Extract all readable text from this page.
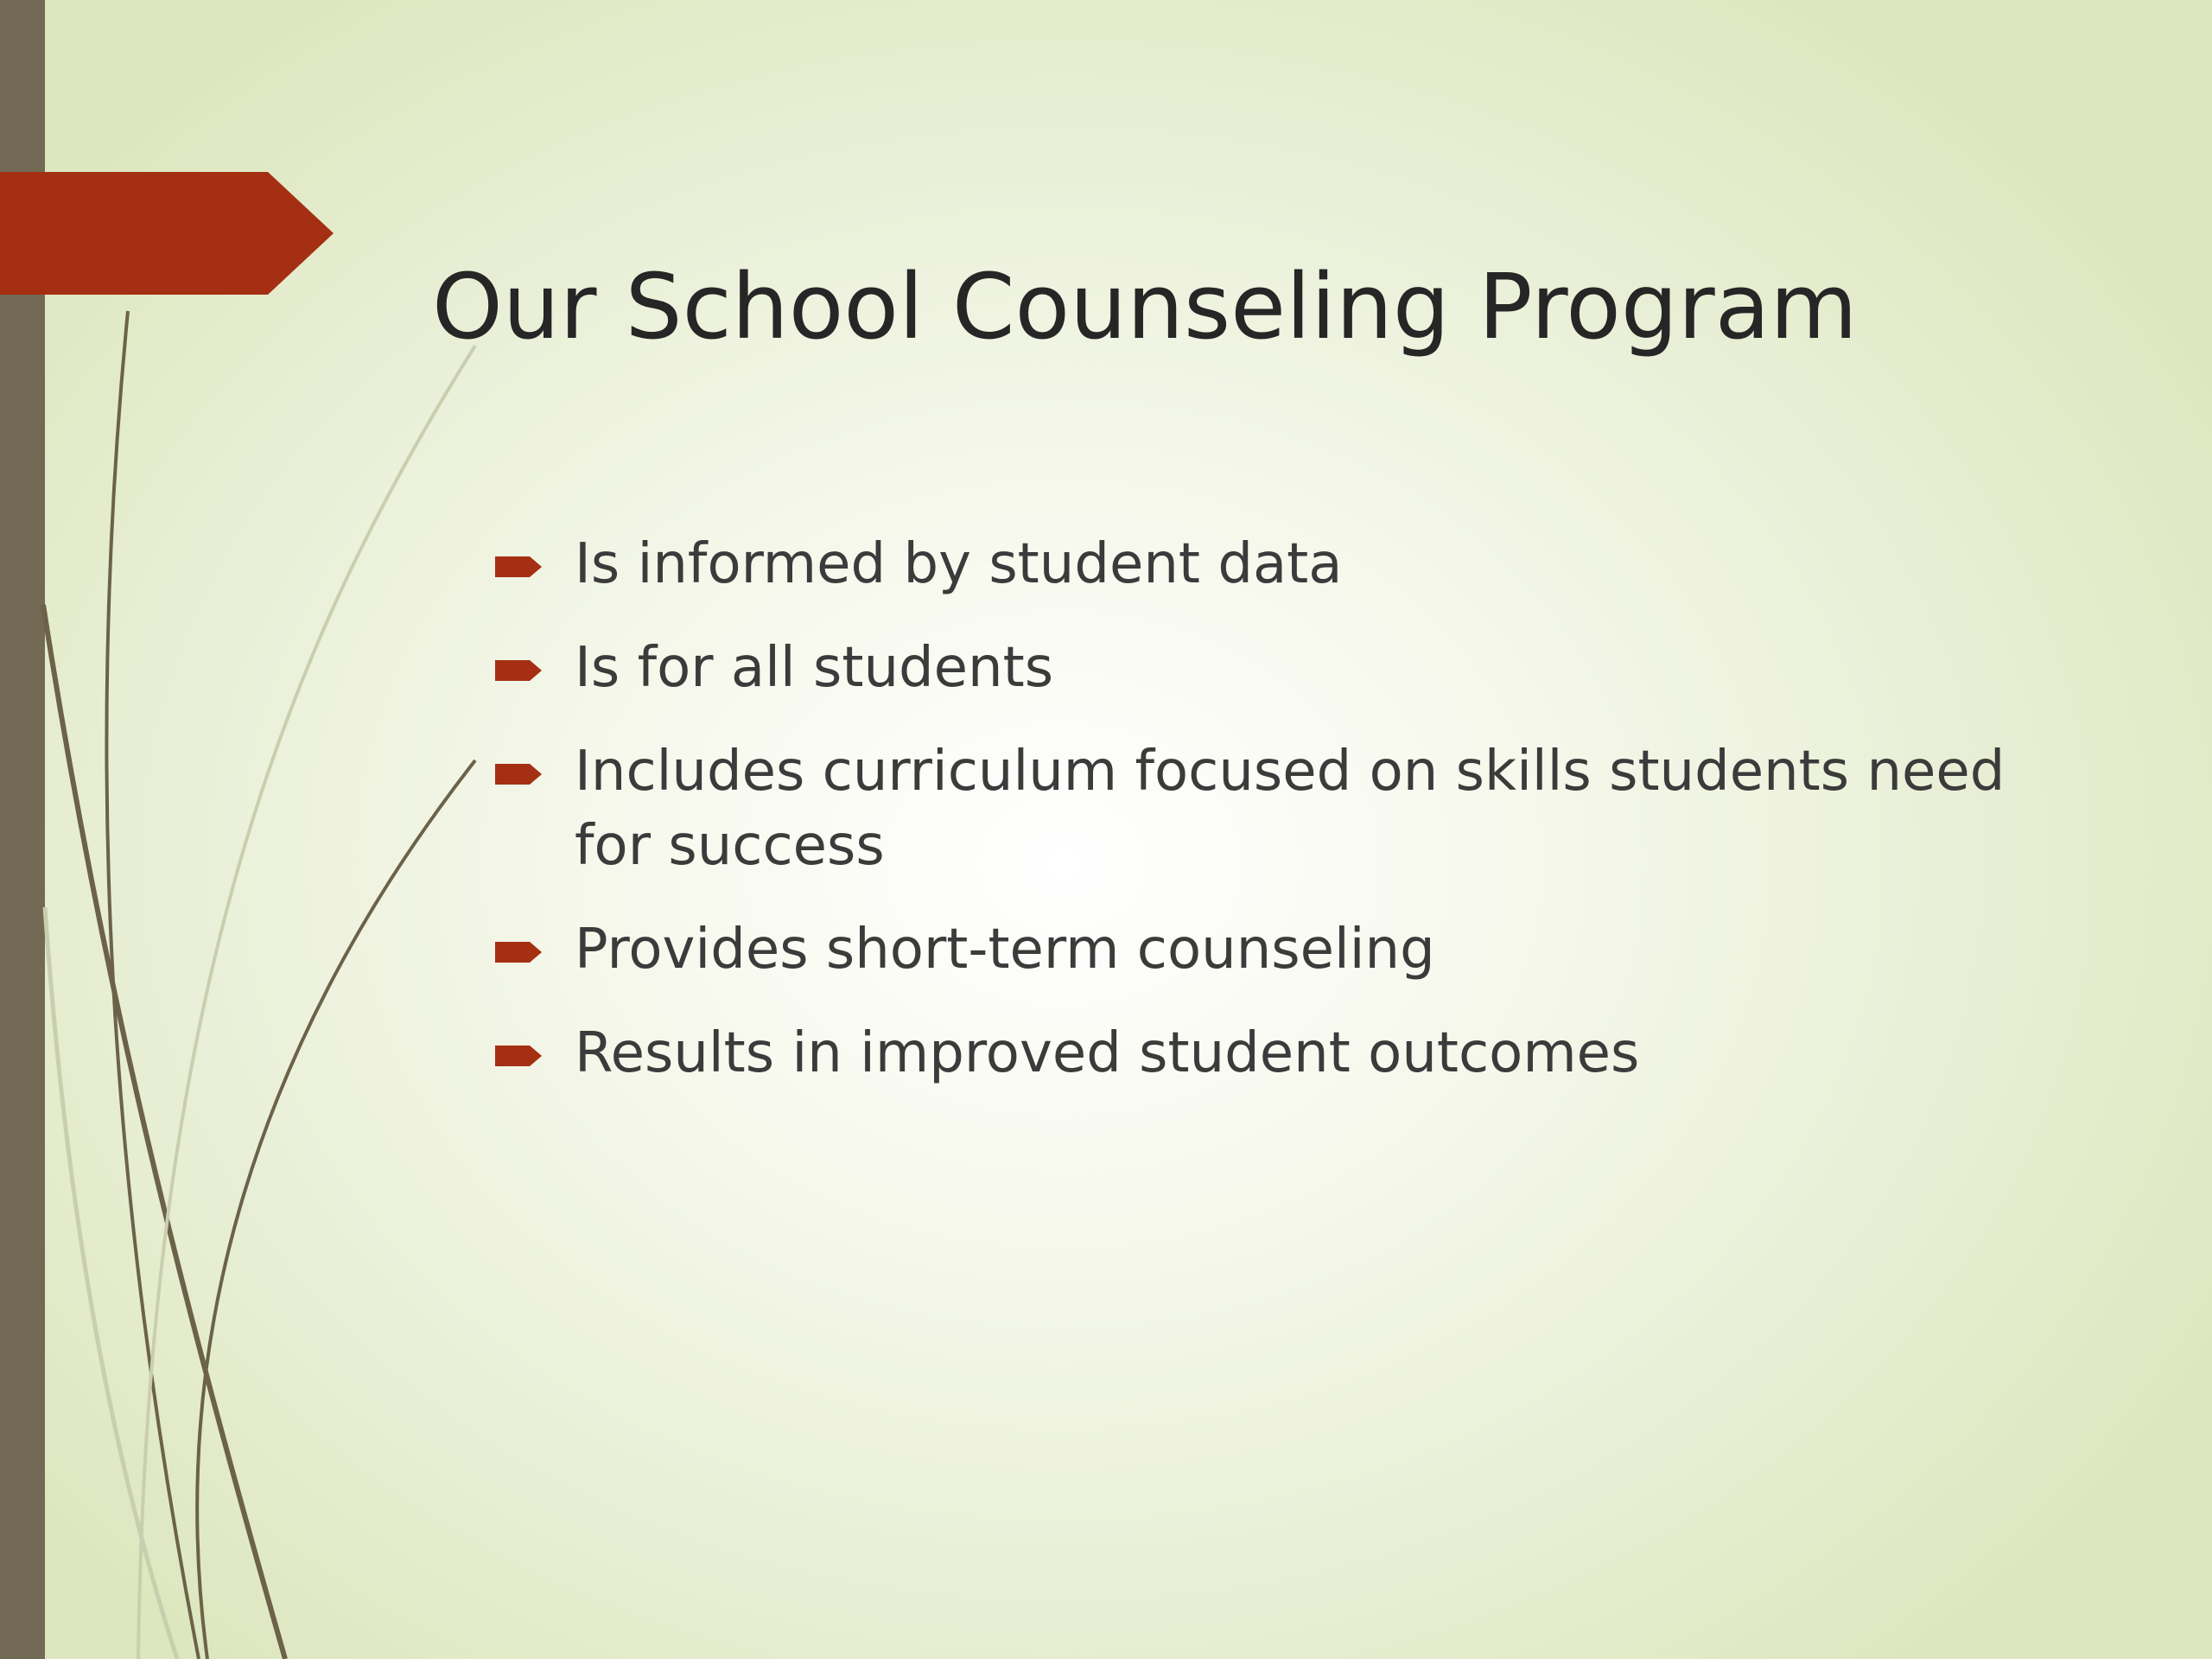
Our School Counseling Program
Is informed by student data
Is for all students
Includes curriculum focused on skills students need for success
Provides short-term counseling
Results in improved student outcomes
